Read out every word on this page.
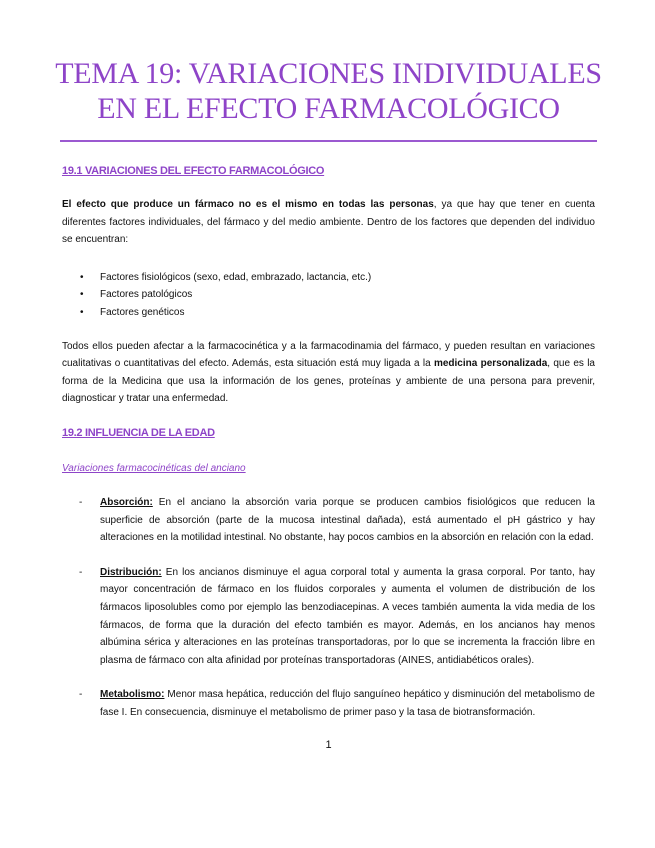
TEMA 19: VARIACIONES INDIVIDUALES EN EL EFECTO FARMACOLÓGICO
19.1 VARIACIONES DEL EFECTO FARMACOLÓGICO

El efecto que produce un fármaco no es el mismo en todas las personas, ya que hay que tener en cuenta diferentes factores individuales, del fármaco y del medio ambiente. Dentro de los factores que dependen del individuo se encuentran:

• Factores fisiológicos (sexo, edad, embrazado, lactancia, etc.)
• Factores patológicos
• Factores genéticos

Todos ellos pueden afectar a la farmacocinética y a la farmacodinamia del fármaco, y pueden resultan en variaciones cualitativas o cuantitativas del efecto. Además, esta situación está muy ligada a la medicina personalizada, que es la forma de la Medicina que usa la información de los genes, proteínas y ambiente de una persona para prevenir, diagnosticar y tratar una enfermedad.

19.2 INFLUENCIA DE LA EDAD
Variaciones farmacocinéticas del anciano

- Absorción: En el anciano la absorción varia porque se producen cambios fisiológicos que reducen la superficie de absorción (parte de la mucosa intestinal dañada), está aumentado el pH gástrico y hay alteraciones en la motilidad intestinal. No obstante, hay pocos cambios en la absorción en relación con la edad.

- Distribución: En los ancianos disminuye el agua corporal total y aumenta la grasa corporal. Por tanto, hay mayor concentración de fármaco en los fluidos corporales y aumenta el volumen de distribución de los fármacos liposolubles como por ejemplo las benzodiacepinas. A veces también aumenta la vida media de los fármacos, de forma que la duración del efecto también es mayor. Además, en los ancianos hay menos albúmina sérica y alteraciones en las proteínas transportadoras, por lo que se incrementa la fracción libre en plasma de fármaco con alta afinidad por proteínas transportadoras (AINES, antidiabéticos orales).

- Metabolismo: Menor masa hepática, reducción del flujo sanguíneo hepático y disminución del metabolismo de fase I. En consecuencia, disminuye el metabolismo de primer paso y la tasa de biotransformación.

1
